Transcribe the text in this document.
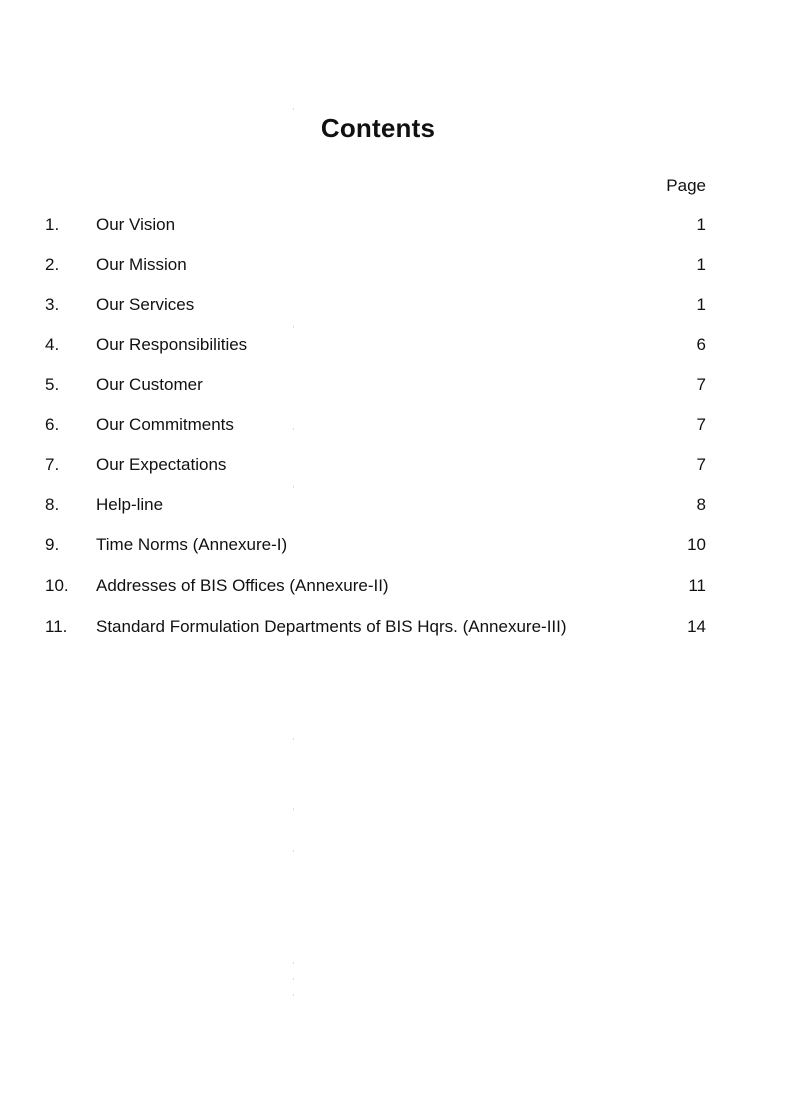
Contents
Page
1. Our Vision	1
2. Our Mission	1
3. Our Services	1
4. Our Responsibilities	6
5. Our Customer	7
6. Our Commitments	7
7. Our Expectations	7
8. Help-line	8
9. Time Norms (Annexure-I)	10
10. Addresses of BIS Offices (Annexure-II)	11
11. Standard Formulation Departments of BIS Hqrs. (Annexure-III)	14
